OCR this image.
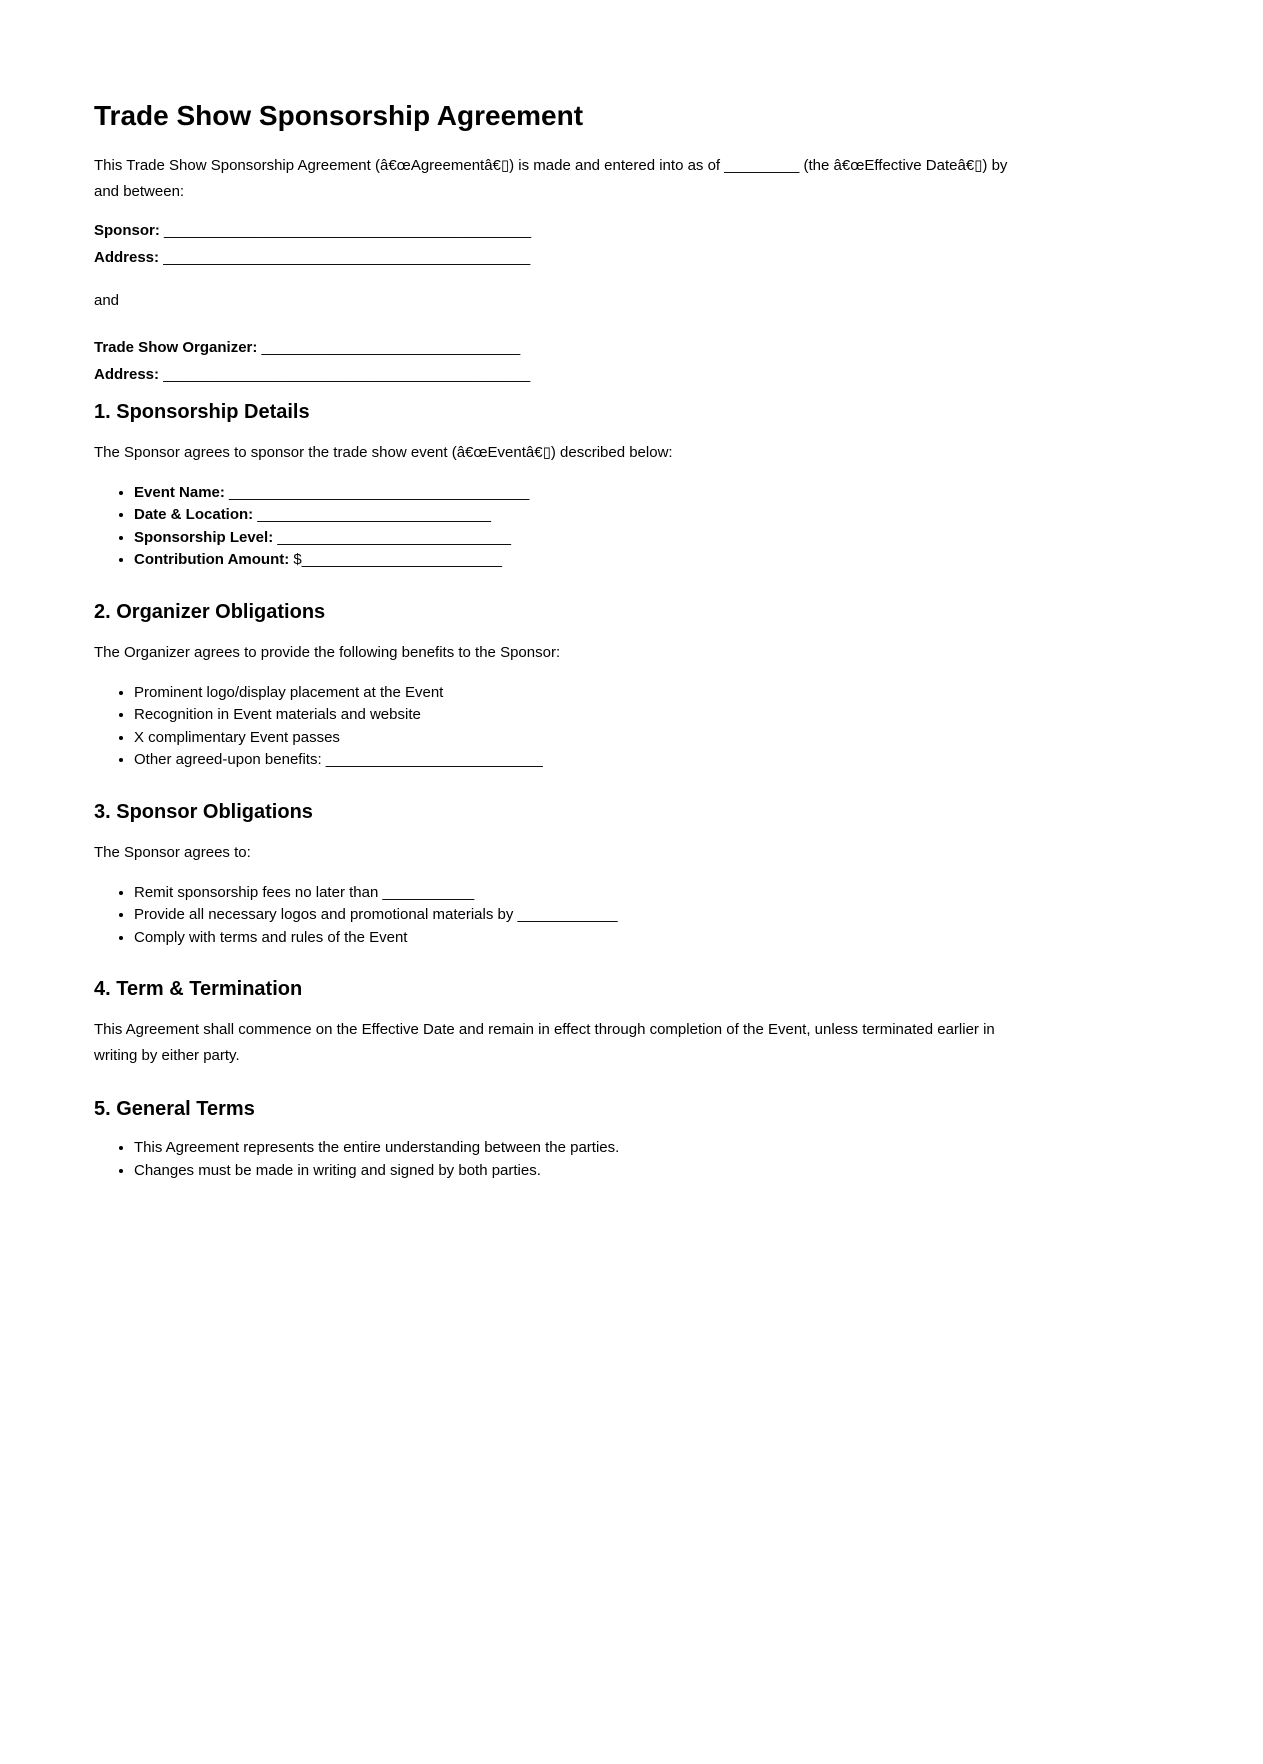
Trade Show Sponsorship Agreement

This Trade Show Sponsorship Agreement (â€œAgreementâ€▯) is made and entered into as of _________ (the â€œEffective Dateâ€▯) by and between:

Sponsor: ____________________________________________

Address: ____________________________________________

and

Trade Show Organizer: _______________________________

Address: ____________________________________________

1. Sponsorship Details

The Sponsor agrees to sponsor the trade show event (â€œEventâ€▯) described below:

• Event Name: ____________________________________
• Date & Location: ____________________________
• Sponsorship Level: ____________________________
• Contribution Amount: $________________________
2. Organizer Obligations

The Organizer agrees to provide the following benefits to the Sponsor:

• Prominent logo/display placement at the Event
• Recognition in Event materials and website
• X complimentary Event passes
• Other agreed-upon benefits: __________________________
3. Sponsor Obligations

The Sponsor agrees to:

• Remit sponsorship fees no later than ___________
• Provide all necessary logos and promotional materials by ____________
• Comply with terms and rules of the Event
4. Term & Termination

This Agreement shall commence on the Effective Date and remain in effect through completion of the Event, unless terminated earlier in writing by either party.

5. General Terms
• This Agreement represents the entire understanding between the parties.
• Changes must be made in writing and signed by both parties.
